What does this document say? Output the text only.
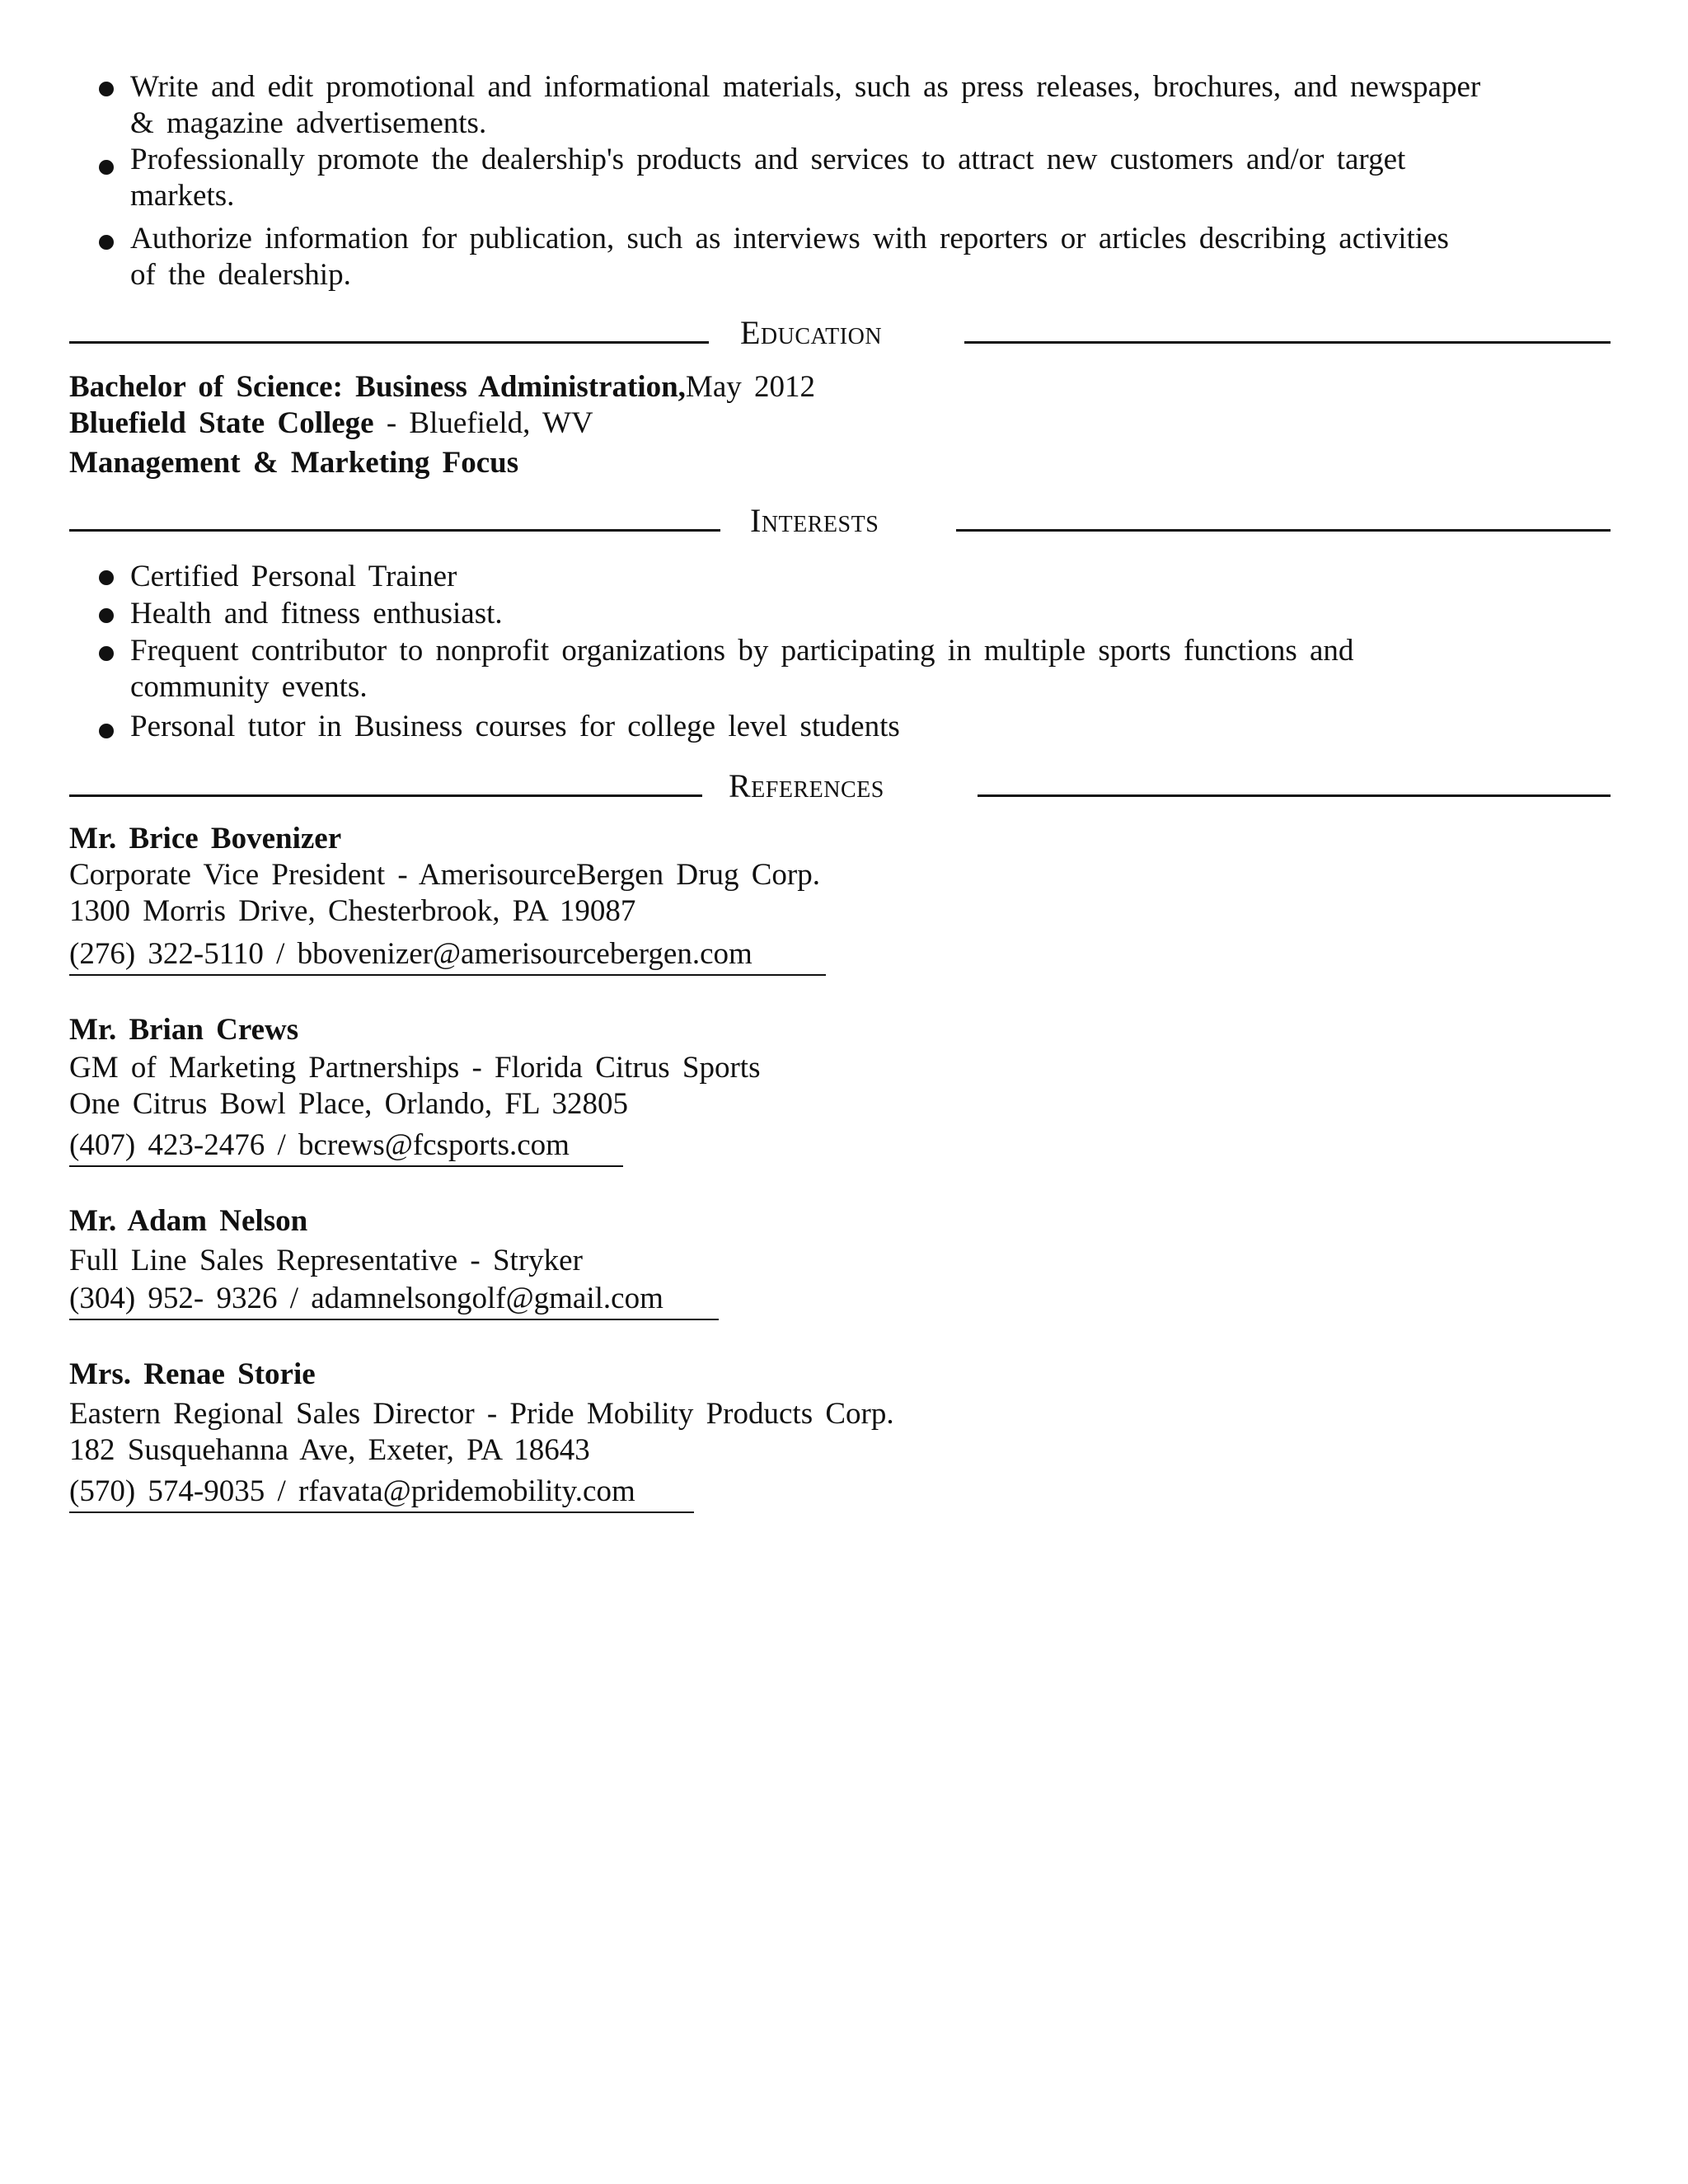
Write and edit promotional and informational materials, such as press releases, brochures, and newspaper
& magazine advertisements.
Professionally promote the dealership's products and services to attract new customers and/or target
markets.
Authorize information for publication, such as interviews with reporters or articles describing activities
of the dealership.
Education
Bachelor of Science: Business Administration,May 2012
Bluefield State College - Bluefield, WV
Management & Marketing Focus
Interests
Certified Personal Trainer
Health and fitness enthusiast.
Frequent contributor to nonprofit organizations by participating in multiple sports functions and
community events.
Personal tutor in Business courses for college level students
References
Mr. Brice Bovenizer
Corporate Vice President - AmerisourceBergen Drug Corp.
1300 Morris Drive, Chesterbrook, PA 19087
(276) 322-5110 / bbovenizer@amerisourcebergen.com
Mr. Brian Crews
GM of Marketing Partnerships - Florida Citrus Sports
One Citrus Bowl Place, Orlando, FL 32805
(407) 423-2476 / bcrews@fcsports.com
Mr. Adam Nelson
Full Line Sales Representative - Stryker
(304) 952- 9326 / adamnelsongolf@gmail.com
Mrs. Renae Storie
Eastern Regional Sales Director - Pride Mobility Products Corp.
182 Susquehanna Ave, Exeter, PA 18643
(570) 574-9035 / rfavata@pridemobility.com
